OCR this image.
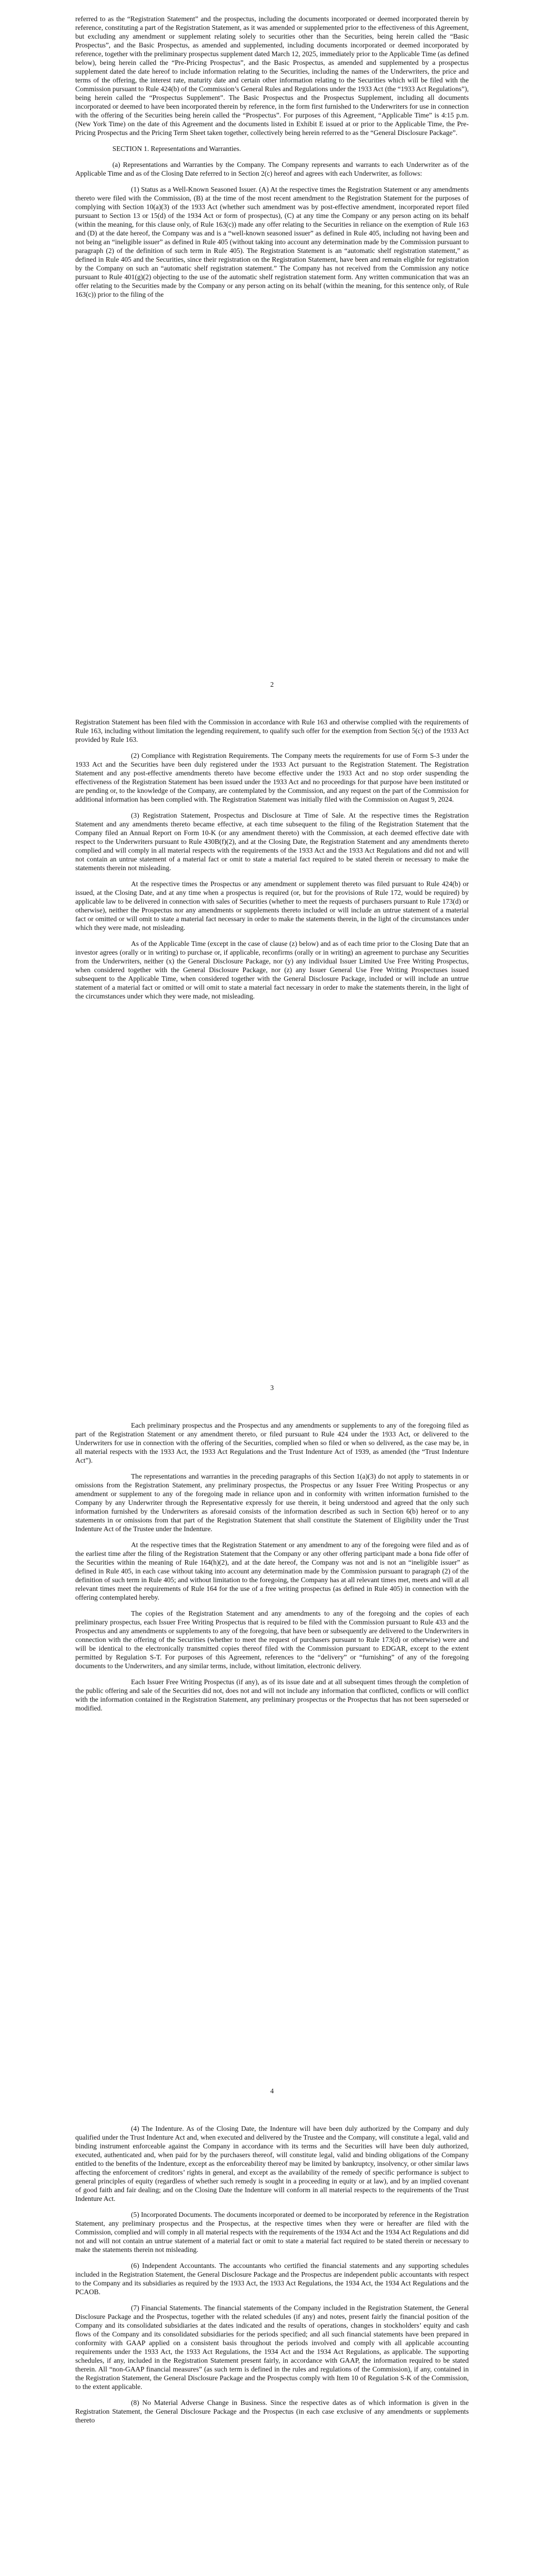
referred to as the “Registration Statement” and the prospectus, including the documents incorporated or deemed incorporated therein by reference, constituting a part of the Registration Statement, as it was amended or supplemented prior to the effectiveness of this Agreement, but excluding any amendment or supplement relating solely to securities other than the Securities, being herein called the “Basic Prospectus”, and the Basic Prospectus, as amended and supplemented, including documents incorporated or deemed incorporated by reference, together with the preliminary prospectus supplement dated March 12, 2025, immediately prior to the Applicable Time (as defined below), being herein called the “Pre-Pricing Prospectus”, and the Basic Prospectus, as amended and supplemented by a prospectus supplement dated the date hereof to include information relating to the Securities, including the names of the Underwriters, the price and terms of the offering, the interest rate, maturity date and certain other information relating to the Securities which will be filed with the Commission pursuant to Rule 424(b) of the Commission’s General Rules and Regulations under the 1933 Act (the “1933 Act Regulations”), being herein called the “Prospectus Supplement”. The Basic Prospectus and the Prospectus Supplement, including all documents incorporated or deemed to have been incorporated therein by reference, in the form first furnished to the Underwriters for use in connection with the offering of the Securities being herein called the “Prospectus”. For purposes of this Agreement, “Applicable Time” is 4:15 p.m. (New York Time) on the date of this Agreement and the documents listed in Exhibit E issued at or prior to the Applicable Time, the Pre-Pricing Prospectus and the Pricing Term Sheet taken together, collectively being herein referred to as the “General Disclosure Package”.

SECTION 1. Representations and Warranties.

(a) Representations and Warranties by the Company. The Company represents and warrants to each Underwriter as of the Applicable Time and as of the Closing Date referred to in Section 2(c) hereof and agrees with each Underwriter, as follows:

(1) Status as a Well-Known Seasoned Issuer. (A) At the respective times the Registration Statement or any amendments thereto were filed with the Commission, (B) at the time of the most recent amendment to the Registration Statement for the purposes of complying with Section 10(a)(3) of the 1933 Act (whether such amendment was by post-effective amendment, incorporated report filed pursuant to Section 13 or 15(d) of the 1934 Act or form of prospectus), (C) at any time the Company or any person acting on its behalf (within the meaning, for this clause only, of Rule 163(c)) made any offer relating to the Securities in reliance on the exemption of Rule 163 and (D) at the date hereof, the Company was and is a “well-known seasoned issuer” as defined in Rule 405, including not having been and not being an “ineligible issuer” as defined in Rule 405 (without taking into account any determination made by the Commission pursuant to paragraph (2) of the definition of such term in Rule 405). The Registration Statement is an “automatic shelf registration statement,” as defined in Rule 405 and the Securities, since their registration on the Registration Statement, have been and remain eligible for registration by the Company on such an “automatic shelf registration statement.” The Company has not received from the Commission any notice pursuant to Rule 401(g)(2) objecting to the use of the automatic shelf registration statement form. Any written communication that was an offer relating to the Securities made by the Company or any person acting on its behalf (within the meaning, for this sentence only, of Rule 163(c)) prior to the filing of the

2

Registration Statement has been filed with the Commission in accordance with Rule 163 and otherwise complied with the requirements of Rule 163, including without limitation the legending requirement, to qualify such offer for the exemption from Section 5(c) of the 1933 Act provided by Rule 163.

(2) Compliance with Registration Requirements. The Company meets the requirements for use of Form S-3 under the 1933 Act and the Securities have been duly registered under the 1933 Act pursuant to the Registration Statement. The Registration Statement and any post-effective amendments thereto have become effective under the 1933 Act and no stop order suspending the effectiveness of the Registration Statement has been issued under the 1933 Act and no proceedings for that purpose have been instituted or are pending or, to the knowledge of the Company, are contemplated by the Commission, and any request on the part of the Commission for additional information has been complied with. The Registration Statement was initially filed with the Commission on August 9, 2024.

(3) Registration Statement, Prospectus and Disclosure at Time of Sale. At the respective times the Registration Statement and any amendments thereto became effective, at each time subsequent to the filing of the Registration Statement that the Company filed an Annual Report on Form 10-K (or any amendment thereto) with the Commission, at each deemed effective date with respect to the Underwriters pursuant to Rule 430B(f)(2), and at the Closing Date, the Registration Statement and any amendments thereto complied and will comply in all material respects with the requirements of the 1933 Act and the 1933 Act Regulations and did not and will not contain an untrue statement of a material fact or omit to state a material fact required to be stated therein or necessary to make the statements therein not misleading.

At the respective times the Prospectus or any amendment or supplement thereto was filed pursuant to Rule 424(b) or issued, at the Closing Date, and at any time when a prospectus is required (or, but for the provisions of Rule 172, would be required) by applicable law to be delivered in connection with sales of Securities (whether to meet the requests of purchasers pursuant to Rule 173(d) or otherwise), neither the Prospectus nor any amendments or supplements thereto included or will include an untrue statement of a material fact or omitted or will omit to state a material fact necessary in order to make the statements therein, in the light of the circumstances under which they were made, not misleading.

As of the Applicable Time (except in the case of clause (z) below) and as of each time prior to the Closing Date that an investor agrees (orally or in writing) to purchase or, if applicable, reconfirms (orally or in writing) an agreement to purchase any Securities from the Underwriters, neither (x) the General Disclosure Package, nor (y) any individual Issuer Limited Use Free Writing Prospectus, when considered together with the General Disclosure Package, nor (z) any Issuer General Use Free Writing Prospectuses issued subsequent to the Applicable Time, when considered together with the General Disclosure Package, included or will include an untrue statement of a material fact or omitted or will omit to state a material fact necessary in order to make the statements therein, in the light of the circumstances under which they were made, not misleading.

3

Each preliminary prospectus and the Prospectus and any amendments or supplements to any of the foregoing filed as part of the Registration Statement or any amendment thereto, or filed pursuant to Rule 424 under the 1933 Act, or delivered to the Underwriters for use in connection with the offering of the Securities, complied when so filed or when so delivered, as the case may be, in all material respects with the 1933 Act, the 1933 Act Regulations and the Trust Indenture Act of 1939, as amended (the “Trust Indenture Act”).

The representations and warranties in the preceding paragraphs of this Section 1(a)(3) do not apply to statements in or omissions from the Registration Statement, any preliminary prospectus, the Prospectus or any Issuer Free Writing Prospectus or any amendment or supplement to any of the foregoing made in reliance upon and in conformity with written information furnished to the Company by any Underwriter through the Representative expressly for use therein, it being understood and agreed that the only such information furnished by the Underwriters as aforesaid consists of the information described as such in Section 6(b) hereof or to any statements in or omissions from that part of the Registration Statement that shall constitute the Statement of Eligibility under the Trust Indenture Act of the Trustee under the Indenture.

At the respective times that the Registration Statement or any amendment to any of the foregoing were filed and as of the earliest time after the filing of the Registration Statement that the Company or any other offering participant made a bona fide offer of the Securities within the meaning of Rule 164(h)(2), and at the date hereof, the Company was not and is not an “ineligible issuer” as defined in Rule 405, in each case without taking into account any determination made by the Commission pursuant to paragraph (2) of the definition of such term in Rule 405; and without limitation to the foregoing, the Company has at all relevant times met, meets and will at all relevant times meet the requirements of Rule 164 for the use of a free writing prospectus (as defined in Rule 405) in connection with the offering contemplated hereby.

The copies of the Registration Statement and any amendments to any of the foregoing and the copies of each preliminary prospectus, each Issuer Free Writing Prospectus that is required to be filed with the Commission pursuant to Rule 433 and the Prospectus and any amendments or supplements to any of the foregoing, that have been or subsequently are delivered to the Underwriters in connection with the offering of the Securities (whether to meet the request of purchasers pursuant to Rule 173(d) or otherwise) were and will be identical to the electronically transmitted copies thereof filed with the Commission pursuant to EDGAR, except to the extent permitted by Regulation S-T. For purposes of this Agreement, references to the “delivery” or “furnishing” of any of the foregoing documents to the Underwriters, and any similar terms, include, without limitation, electronic delivery.

Each Issuer Free Writing Prospectus (if any), as of its issue date and at all subsequent times through the completion of the public offering and sale of the Securities did not, does not and will not include any information that conflicted, conflicts or will conflict with the information contained in the Registration Statement, any preliminary prospectus or the Prospectus that has not been superseded or modified.

4

(4) The Indenture. As of the Closing Date, the Indenture will have been duly authorized by the Company and duly qualified under the Trust Indenture Act and, when executed and delivered by the Trustee and the Company, will constitute a legal, valid and binding instrument enforceable against the Company in accordance with its terms and the Securities will have been duly authorized, executed, authenticated and, when paid for by the purchasers thereof, will constitute legal, valid and binding obligations of the Company entitled to the benefits of the Indenture, except as the enforceability thereof may be limited by bankruptcy, insolvency, or other similar laws affecting the enforcement of creditors’ rights in general, and except as the availability of the remedy of specific performance is subject to general principles of equity (regardless of whether such remedy is sought in a proceeding in equity or at law), and by an implied covenant of good faith and fair dealing; and on the Closing Date the Indenture will conform in all material respects to the requirements of the Trust Indenture Act.

(5) Incorporated Documents. The documents incorporated or deemed to be incorporated by reference in the Registration Statement, any preliminary prospectus and the Prospectus, at the respective times when they were or hereafter are filed with the Commission, complied and will comply in all material respects with the requirements of the 1934 Act and the 1934 Act Regulations and did not and will not contain an untrue statement of a material fact or omit to state a material fact required to be stated therein or necessary to make the statements therein not misleading.

(6) Independent Accountants. The accountants who certified the financial statements and any supporting schedules included in the Registration Statement, the General Disclosure Package and the Prospectus are independent public accountants with respect to the Company and its subsidiaries as required by the 1933 Act, the 1933 Act Regulations, the 1934 Act, the 1934 Act Regulations and the PCAOB.

(7) Financial Statements. The financial statements of the Company included in the Registration Statement, the General Disclosure Package and the Prospectus, together with the related schedules (if any) and notes, present fairly the financial position of the Company and its consolidated subsidiaries at the dates indicated and the results of operations, changes in stockholders’ equity and cash flows of the Company and its consolidated subsidiaries for the periods specified; and all such financial statements have been prepared in conformity with GAAP applied on a consistent basis throughout the periods involved and comply with all applicable accounting requirements under the 1933 Act, the 1933 Act Regulations, the 1934 Act and the 1934 Act Regulations, as applicable. The supporting schedules, if any, included in the Registration Statement present fairly, in accordance with GAAP, the information required to be stated therein. All “non-GAAP financial measures” (as such term is defined in the rules and regulations of the Commission), if any, contained in the Registration Statement, the General Disclosure Package and the Prospectus comply with Item 10 of Regulation S-K of the Commission, to the extent applicable.

(8) No Material Adverse Change in Business. Since the respective dates as of which information is given in the Registration Statement, the General Disclosure Package and the Prospectus (in each case exclusive of any amendments or supplements thereto
